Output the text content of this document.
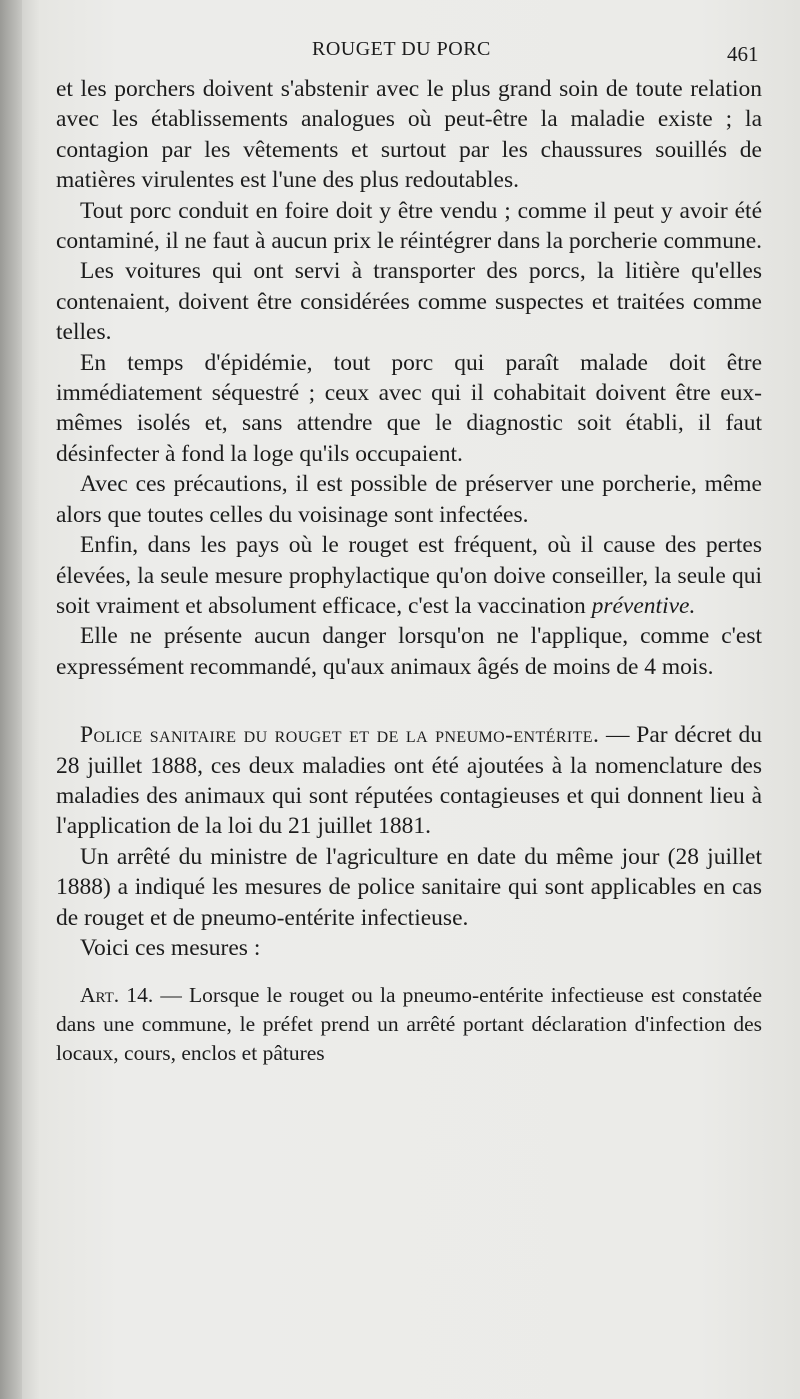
ROUGET DU PORC	461

et les porchers doivent s'abstenir avec le plus grand soin de toute relation avec les établissements analogues où peut-être la maladie existe ; la contagion par les vêtements et surtout par les chaussures souillés de matières virulentes est l'une des plus redoutables.

Tout porc conduit en foire doit y être vendu ; comme il peut y avoir été contaminé, il ne faut à aucun prix le réintégrer dans la porcherie commune.

Les voitures qui ont servi à transporter des porcs, la litière qu'elles contenaient, doivent être considérées comme suspectes et traitées comme telles.

En temps d'épidémie, tout porc qui paraît malade doit être immédiatement séquestré ; ceux avec qui il cohabitait doivent être eux-mêmes isolés et, sans attendre que le diagnostic soit établi, il faut désinfecter à fond la loge qu'ils occupaient.

Avec ces précautions, il est possible de préserver une porcherie, même alors que toutes celles du voisinage sont infectées.

Enfin, dans les pays où le rouget est fréquent, où il cause des pertes élevées, la seule mesure prophylactique qu'on doive conseiller, la seule qui soit vraiment et absolument efficace, c'est la vaccination préventive.

Elle ne présente aucun danger lorsqu'on ne l'applique, comme c'est expressément recommandé, qu'aux animaux âgés de moins de 4 mois.

Police sanitaire du rouget et de la pneumo-entérite. — Par décret du 28 juillet 1888, ces deux maladies ont été ajoutées à la nomenclature des maladies des animaux qui sont réputées contagieuses et qui donnent lieu à l'application de la loi du 21 juillet 1881.

Un arrêté du ministre de l'agriculture en date du même jour (28 juillet 1888) a indiqué les mesures de police sanitaire qui sont applicables en cas de rouget et de pneumo-entérite infectieuse.

Voici ces mesures :

Art. 14. — Lorsque le rouget ou la pneumo-entérite infectieuse est constatée dans une commune, le préfet prend un arrêté portant déclaration d'infection des locaux, cours, enclos et pâtures
